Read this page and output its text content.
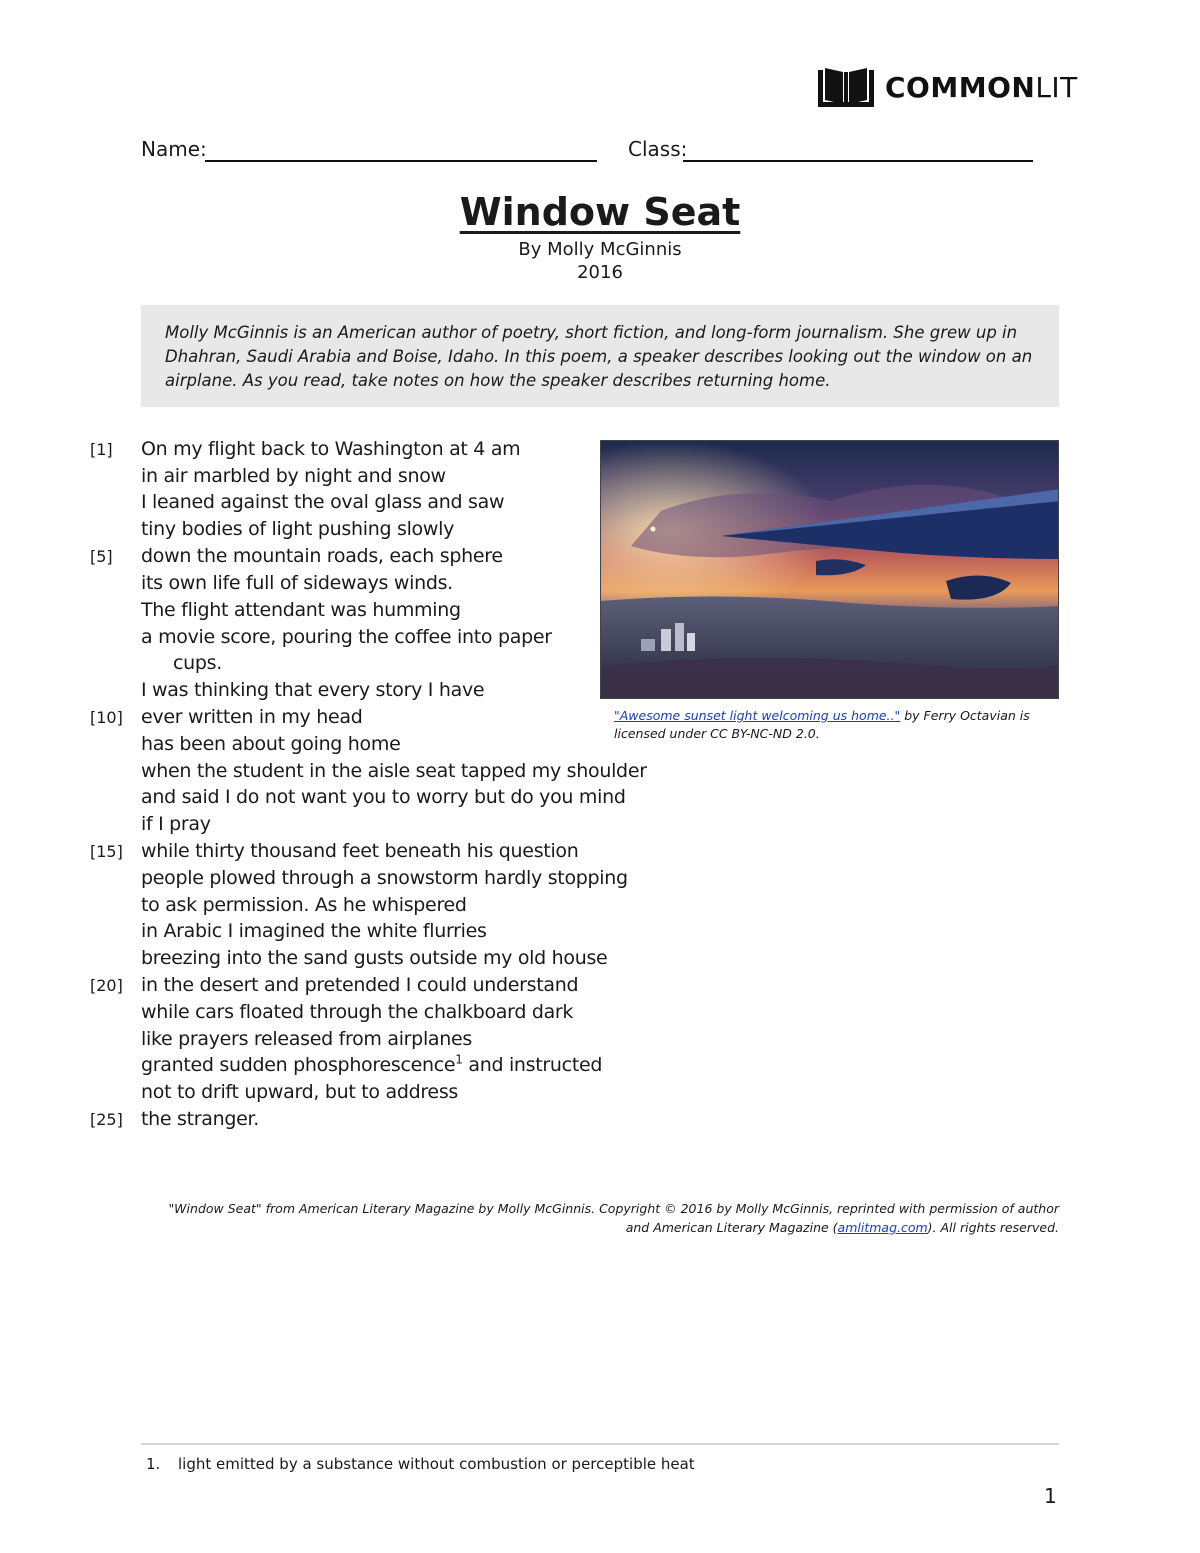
COMMONLIT
Name:	Class:
Window Seat
By Molly McGinnis
2016

Molly McGinnis is an American author of poetry, short fiction, and long-form journalism. She grew up in Dhahran, Saudi Arabia and Boise, Idaho. In this poem, a speaker describes looking out the window on an airplane. As you read, take notes on how the speaker describes returning home.

[1]
[5]
[10]
[15]
[20]
[25]
On my flight back to Washington at 4 am
in air marbled by night and snow
I leaned against the oval glass and saw
tiny bodies of light pushing slowly
down the mountain roads, each sphere
its own life full of sideways winds.
The flight attendant was humming
a movie score, pouring the coffee into paper
cups.
I was thinking that every story I have
ever written in my head
has been about going home
when the student in the aisle seat tapped my shoulder
and said I do not want you to worry but do you mind
if I pray
while thirty thousand feet beneath his question
people plowed through a snowstorm hardly stopping
to ask permission. As he whispered
in Arabic I imagined the white flurries
breezing into the sand gusts outside my old house
in the desert and pretended I could understand
while cars floated through the chalkboard dark
like prayers released from airplanes
granted sudden phosphorescence$^1$ and instructed
not to drift upward, but to address
the stranger.
"Awesome sunset light welcoming us home.." by Ferry Octavian is licensed under CC BY-NC-ND 2.0.
"Window Seat" from American Literary Magazine by Molly McGinnis. Copyright © 2016 by Molly McGinnis, reprinted with permission of author
and American Literary Magazine (amlitmag.com). All rights reserved.
1. light emitted by a substance without combustion or perceptible heat
1
